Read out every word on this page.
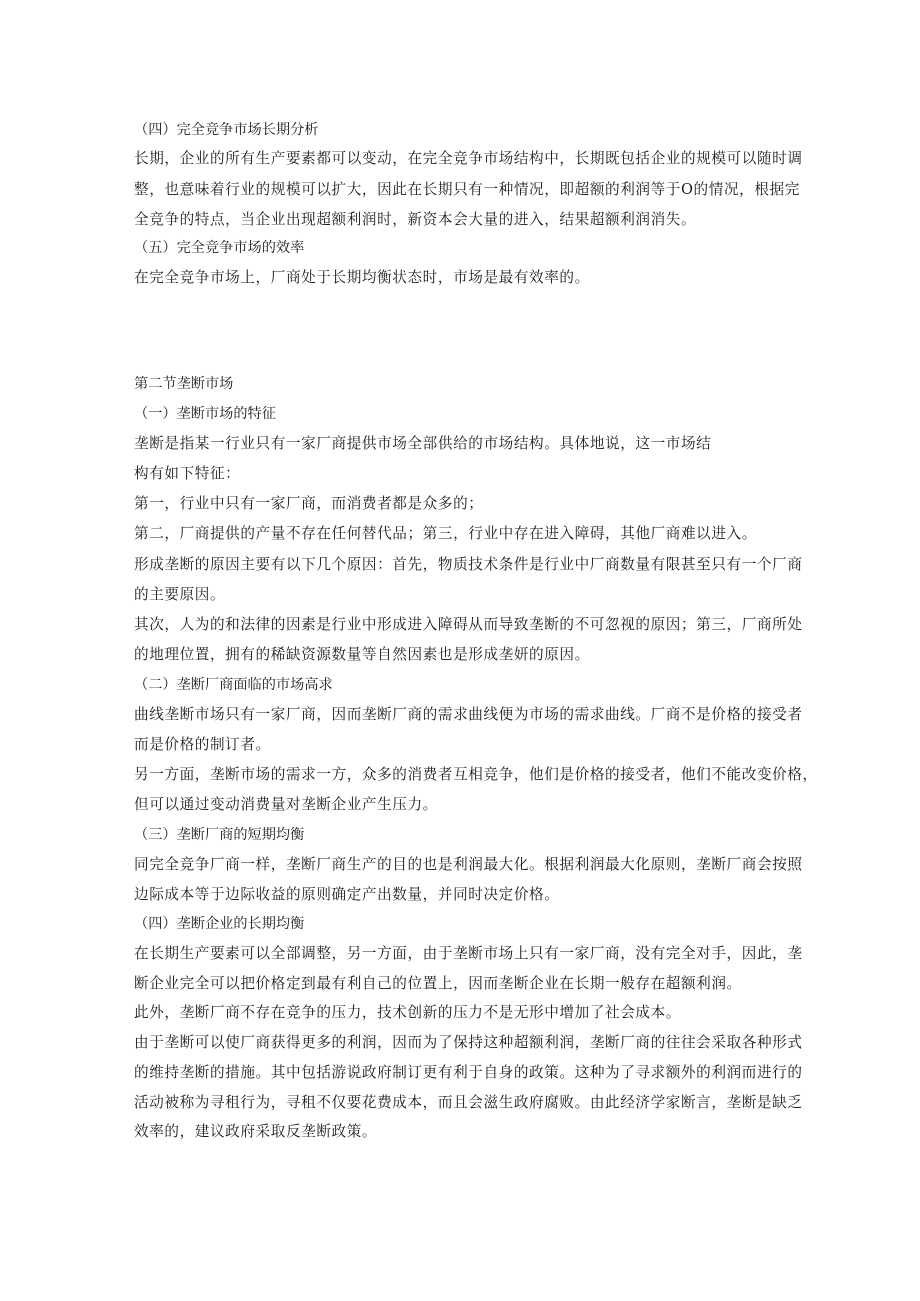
（四）完全竞争市场长期分析
长期，企业的所有生产要素都可以变动，在完全竞争市场结构中，长期既包括企业的规模可以随时调
整，也意味着行业的规模可以扩大，因此在长期只有一种情况，即超额的利润等于O的情况，根据完
全竞争的特点，当企业出现超额利润时，新资本会大量的进入，结果超额利润消失。
（五）完全竞争市场的效率
在完全竞争市场上，厂商处于长期均衡状态时，市场是最有效率的。
第二节垄断市场
（一）垄断市场的特征
垄断是指某一行业只有一家厂商提供市场全部供给的市场结构。具体地说，这一市场结
构有如下特征：
第一，行业中只有一家厂商，而消费者都是众多的；
第二，厂商提供的产量不存在任何替代品；第三，行业中存在进入障碍，其他厂商难以进入。
形成垄断的原因主要有以下几个原因：首先，物质技术条件是行业中厂商数量有限甚至只有一个厂商
的主要原因。
其次，人为的和法律的因素是行业中形成进入障碍从而导致垄断的不可忽视的原因；第三，厂商所处
的地理位置，拥有的稀缺资源数量等自然因素也是形成垄妍的原因。
（二）垄断厂商面临的市场高求
曲线垄断市场只有一家厂商，因而垄断厂商的需求曲线便为市场的需求曲线。厂商不是价格的接受者
而是价格的制订者。
另一方面，垄断市场的需求一方，众多的消费者互相竞争，他们是价格的接受者，他们不能改变价格，
但可以通过变动消费量对垄断企业产生压力。
（三）垄断厂商的短期均衡
同完全竞争厂商一样，垄断厂商生产的目的也是利润最大化。根据利润最大化原则，垄断厂商会按照
边际成本等于边际收益的原则确定产出数量，并同时决定价格。
（四）垄断企业的长期均衡
在长期生产要素可以全部调整，另一方面，由于垄断市场上只有一家厂商，没有完全对手，因此，垄
断企业完全可以把价格定到最有利自己的位置上，因而垄断企业在长期一般存在超额利润。
此外，垄断厂商不存在竞争的压力，技术创新的压力不是无形中增加了社会成本。
由于垄断可以使厂商获得更多的利润，因而为了保持这种超额利润，垄断厂商的往往会采取各种形式
的维持垄断的措施。其中包括游说政府制订更有利于自身的政策。这种为了寻求额外的利润而进行的
活动被称为寻租行为，寻租不仅要花费成本，而且会滋生政府腐败。由此经济学家断言，垄断是缺乏
效率的，建议政府采取反垄断政策。
